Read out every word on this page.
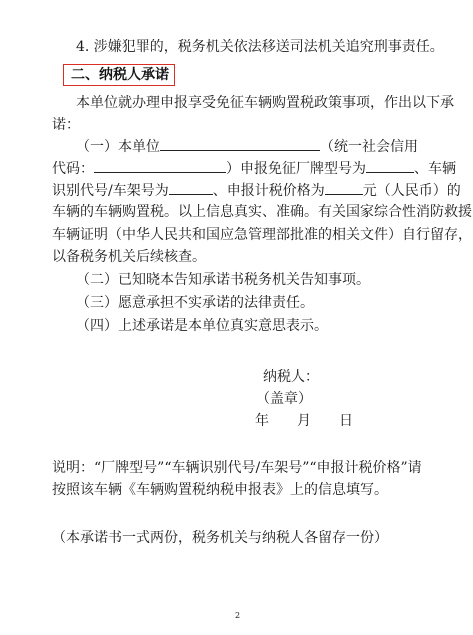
4. 涉嫌犯罪的，税务机关依法移送司法机关追究刑事责任。
二、纳税人承诺
本单位就办理申报享受免征车辆购置税政策事项，作出以下承
诺：
（一）本单位	（统一社会信用
代码：	）申报免征厂牌型号为	、车辆
识别代号/车架号为	、申报计税价格为	元（人民币）的
车辆的车辆购置税。以上信息真实、准确。有关国家综合性消防救援
车辆证明（中华人民共和国应急管理部批准的相关文件）自行留存，
以备税务机关后续核查。
（二）已知晓本告知承诺书税务机关告知事项。
（三）愿意承担不实承诺的法律责任。
（四）上述承诺是本单位真实意思表示。
纳税人：
（盖章）
年　　月　　日
说明：“厂牌型号”“车辆识别代号/车架号”“申报计税价格”请
按照该车辆《车辆购置税纳税申报表》上的信息填写。
（本承诺书一式两份，税务机关与纳税人各留存一份）
2
